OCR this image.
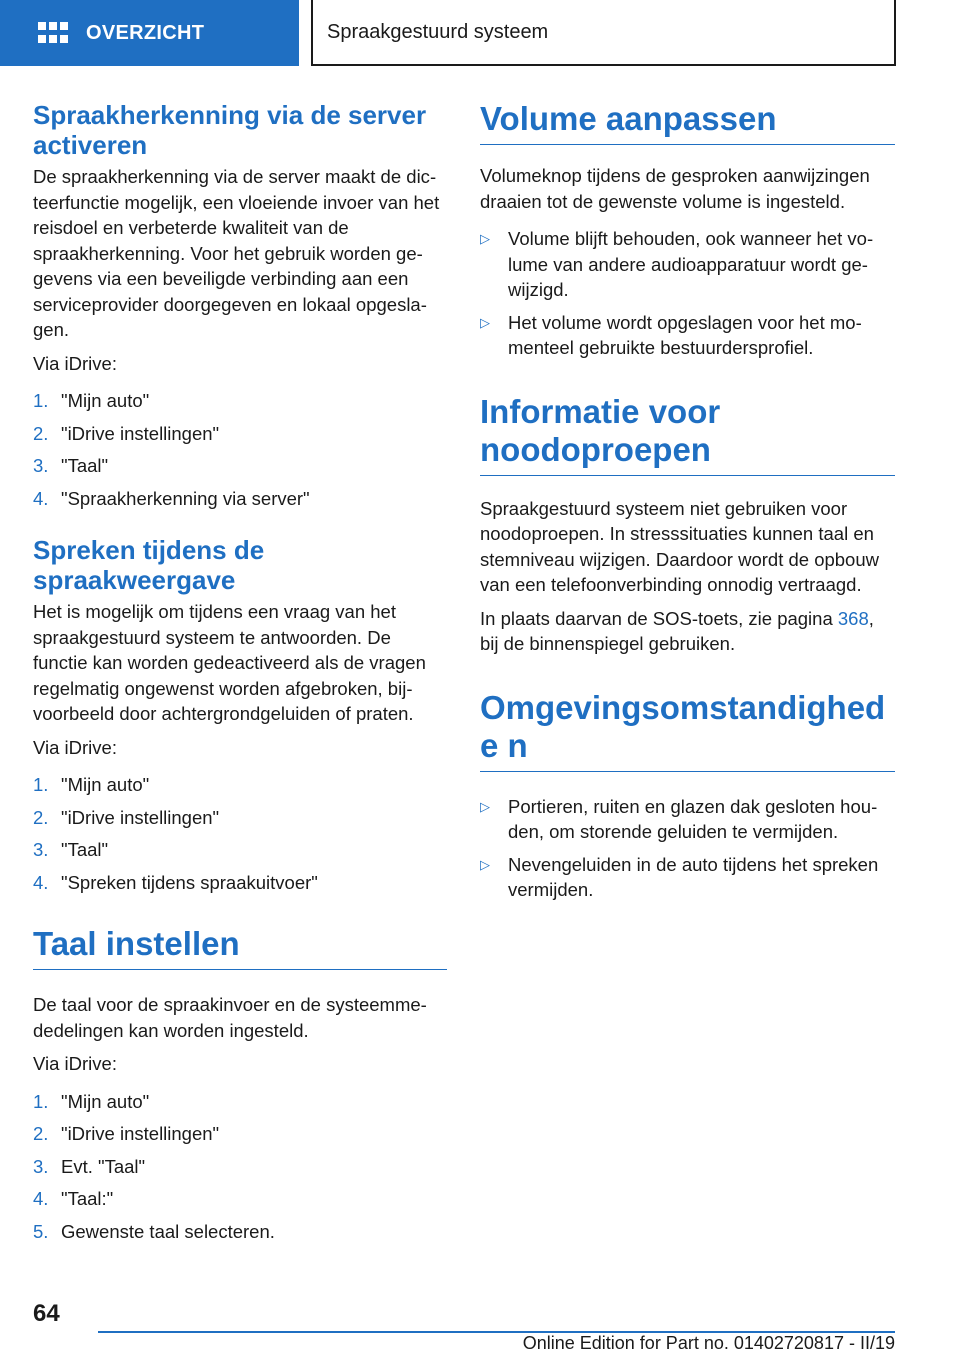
OVERZICHT	Spraakgestuurd systeem
Spraakherkenning via de server activeren

De spraakherkenning via de server maakt de dicteerfunctie mogelijk, een vloeiende invoer van het reisdoel en verbeterde kwaliteit van de spraakherkenning. Voor het gebruik worden gegevens via een beveiligde verbinding aan een serviceprovider doorgegeven en lokaal opgeslagen.

Via iDrive:

1. "Mijn auto"
2. "iDrive instellingen"
3. "Taal"
4. "Spraakherkenning via server"
Spreken tijdens de spraakweergave

Het is mogelijk om tijdens een vraag van het spraakgestuurd systeem te antwoorden. De functie kan worden gedeactiveerd als de vragen regelmatig ongewenst worden afgebroken, bijvoorbeeld door achtergrondgeluiden of praten.

Via iDrive:

1. "Mijn auto"
2. "iDrive instellingen"
3. "Taal"
4. "Spreken tijdens spraakuitvoer"
Taal instellen

De taal voor de spraakinvoer en de systeemmededelingen kan worden ingesteld.

Via iDrive:

1. "Mijn auto"
2. "iDrive instellingen"
3. Evt. "Taal"
4. "Taal:"
5. Gewenste taal selecteren.
Volume aanpassen

Volumeknop tijdens de gesproken aanwijzingen draaien tot de gewenste volume is ingesteld.

▷ Volume blijft behouden, ook wanneer het volume van andere audioapparatuur wordt gewijzigd.
▷ Het volume wordt opgeslagen voor het momenteel gebruikte bestuurdersprofiel.
Informatie voor noodoproepen

Spraakgestuurd systeem niet gebruiken voor noodoproepen. In stresssituaties kunnen taal en stemniveau wijzigen. Daardoor wordt de opbouw van een telefoonverbinding onnodig vertraagd.

In plaats daarvan de SOS-toets, zie pagina 368, bij de binnenspiegel gebruiken.

Omgevingsomstandighede n
▷ Portieren, ruiten en glazen dak gesloten houden, om storende geluiden te vermijden.
▷ Nevengeluiden in de auto tijdens het spreken vermijden.
64
Online Edition for Part no. 01402720817 - II/19
